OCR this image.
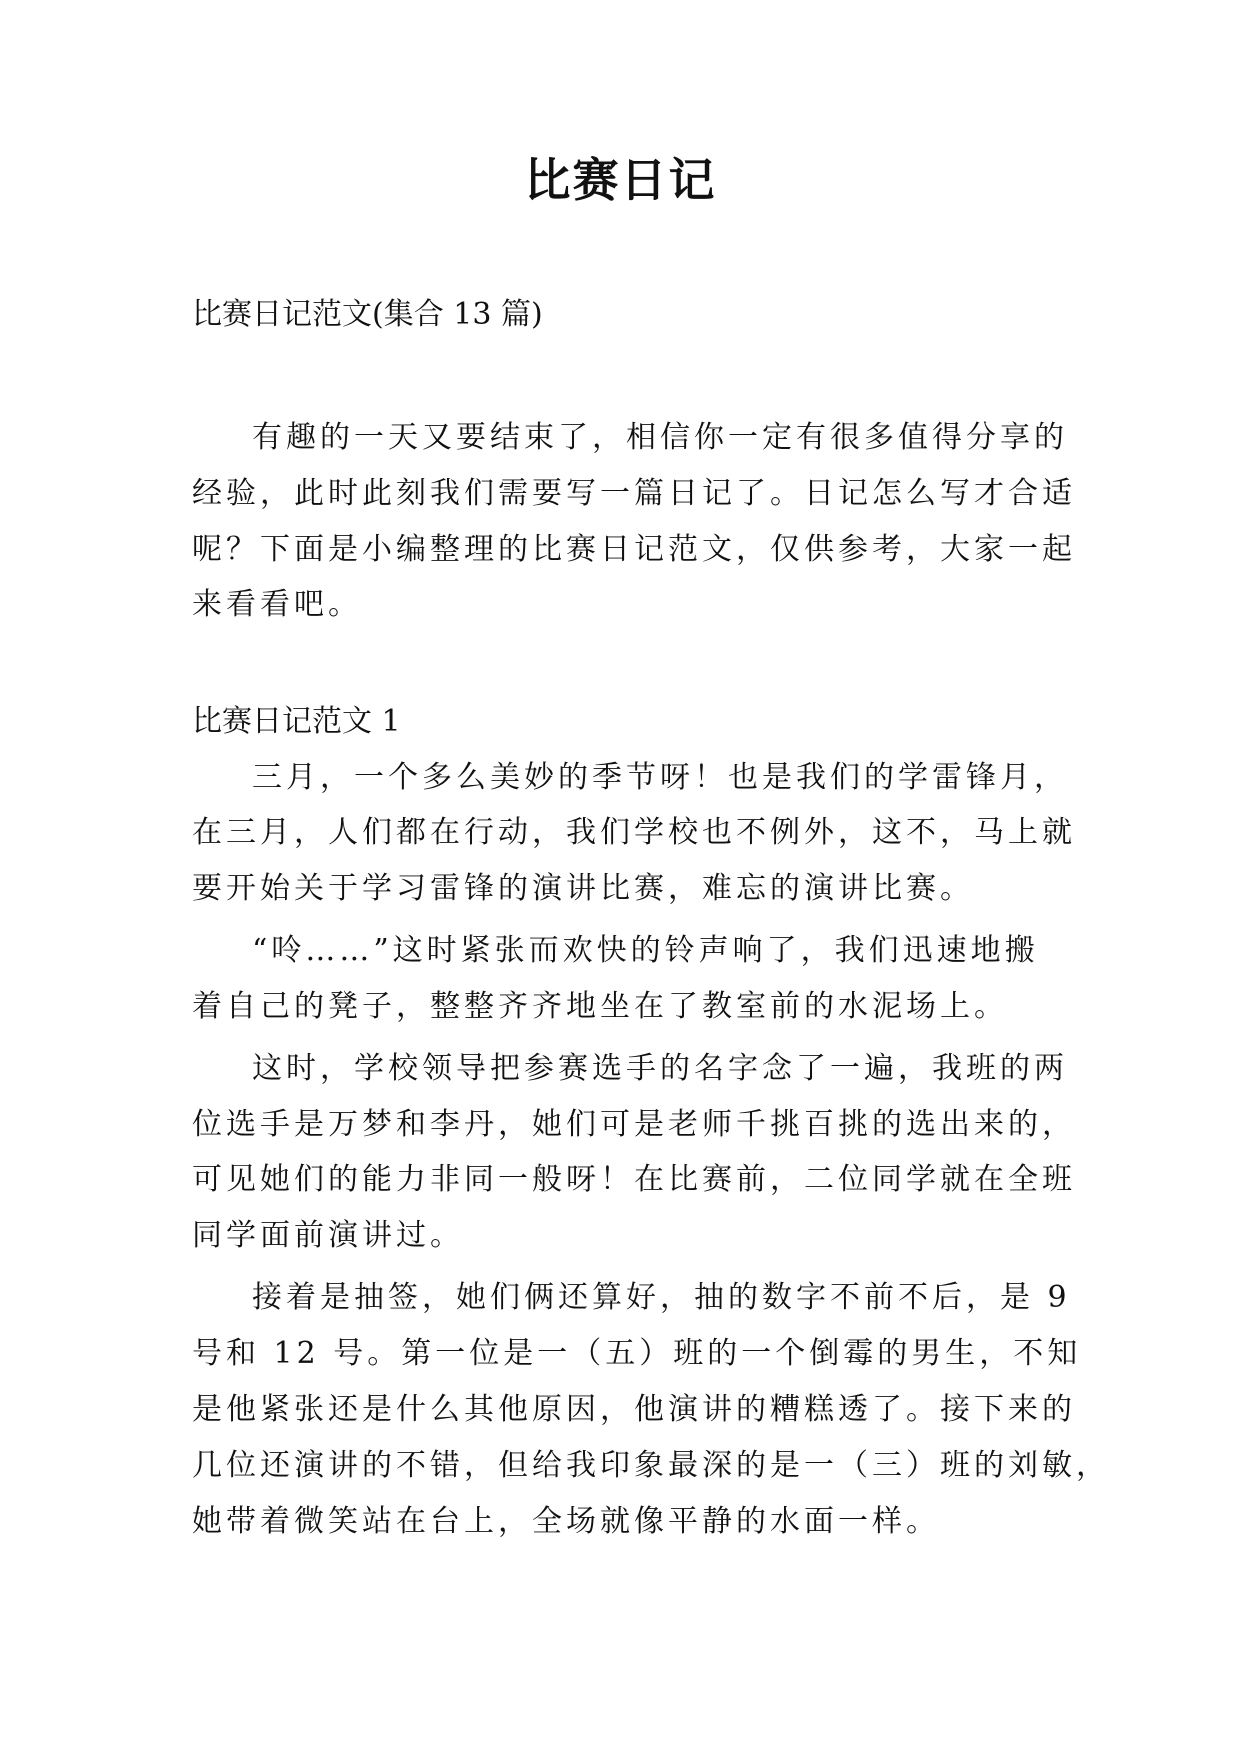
比赛日记
比赛日记范文(集合 13 篇)
有趣的一天又要结束了，相信你一定有很多值得分享的
经验，此时此刻我们需要写一篇日记了。日记怎么写才合适
呢？下面是小编整理的比赛日记范文，仅供参考，大家一起
来看看吧。
比赛日记范文 1
三月，一个多么美妙的季节呀！也是我们的学雷锋月，
在三月，人们都在行动，我们学校也不例外，这不，马上就
要开始关于学习雷锋的演讲比赛，难忘的演讲比赛。
“呤……”这时紧张而欢快的铃声响了，我们迅速地搬
着自己的凳子，整整齐齐地坐在了教室前的水泥场上。
这时，学校领导把参赛选手的名字念了一遍，我班的两
位选手是万梦和李丹，她们可是老师千挑百挑的选出来的，
可见她们的能力非同一般呀！在比赛前，二位同学就在全班
同学面前演讲过。
接着是抽签，她们俩还算好，抽的数字不前不后，是 9
号和 12 号。第一位是一（五）班的一个倒霉的男生，不知
是他紧张还是什么其他原因，他演讲的糟糕透了。接下来的
几位还演讲的不错，但给我印象最深的是一（三）班的刘敏，
她带着微笑站在台上，全场就像平静的水面一样。
